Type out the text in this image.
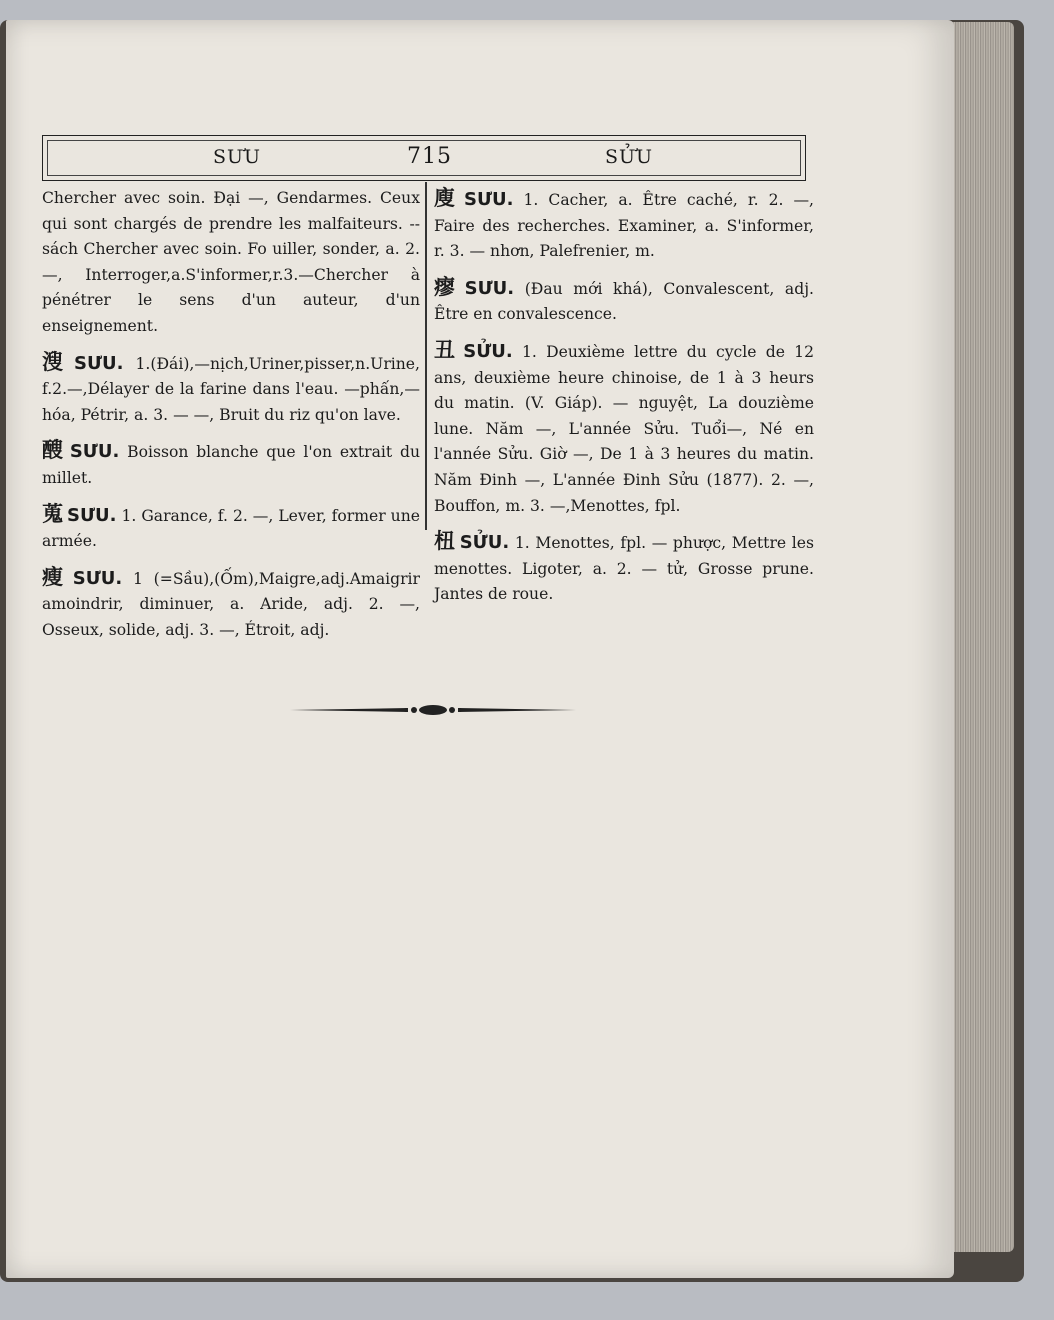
SƯU	715	SỬU
Chercher avec soin. Đại —, Gendarmes. Ceux qui sont chargés de prendre les malfaiteurs. -- sách Chercher avec soin. Fo uiller, sonder, a. 2. —, Interroger,a.S'informer,r.3.—Chercher à pénétrer le sens d'un auteur, d'un enseignement.
溲 SƯU. 1.(Đái),—nịch,Uriner,pisser,n.Urine, f.2.—,Délayer de la farine dans l'eau. —phấn,— hóa, Pétrir, a. 3. — —, Bruit du riz qu'on lave.
醙 SƯU. Boisson blanche que l'on extrait du millet.
蒐 SƯU. 1. Garance, f. 2. —, Lever, former une armée.
瘦 SƯU. 1 (=Sầu),(Ốm),Maigre,adj.Amaigrir amoindrir, diminuer, a. Aride, adj. 2. —, Osseux, solide, adj. 3. —, Étroit, adj.
廋 SƯU. 1. Cacher, a. Être caché, r. 2. —, Faire des recherches. Examiner, a. S'informer, r. 3. — nhơn, Palefrenier, m.
瘳 SƯU. (Đau mới khá), Convalescent, adj. Être en convalescence.
丑 SỬU. 1. Deuxième lettre du cycle de 12 ans, deuxième heure chinoise, de 1 à 3 heurs du matin. (V. Giáp). — nguyệt, La douzième lune. Năm —, L'année Sửu. Tuổi—, Né en l'année Sửu. Giờ —, De 1 à 3 heures du matin. Năm Đinh —, L'année Đinh Sửu (1877). 2. —, Bouffon, m. 3. —,Menottes, fpl.
杻 SỬU. 1. Menottes, fpl. — phược, Mettre les menottes. Ligoter, a. 2. — tử, Grosse prune. Jantes de roue.
